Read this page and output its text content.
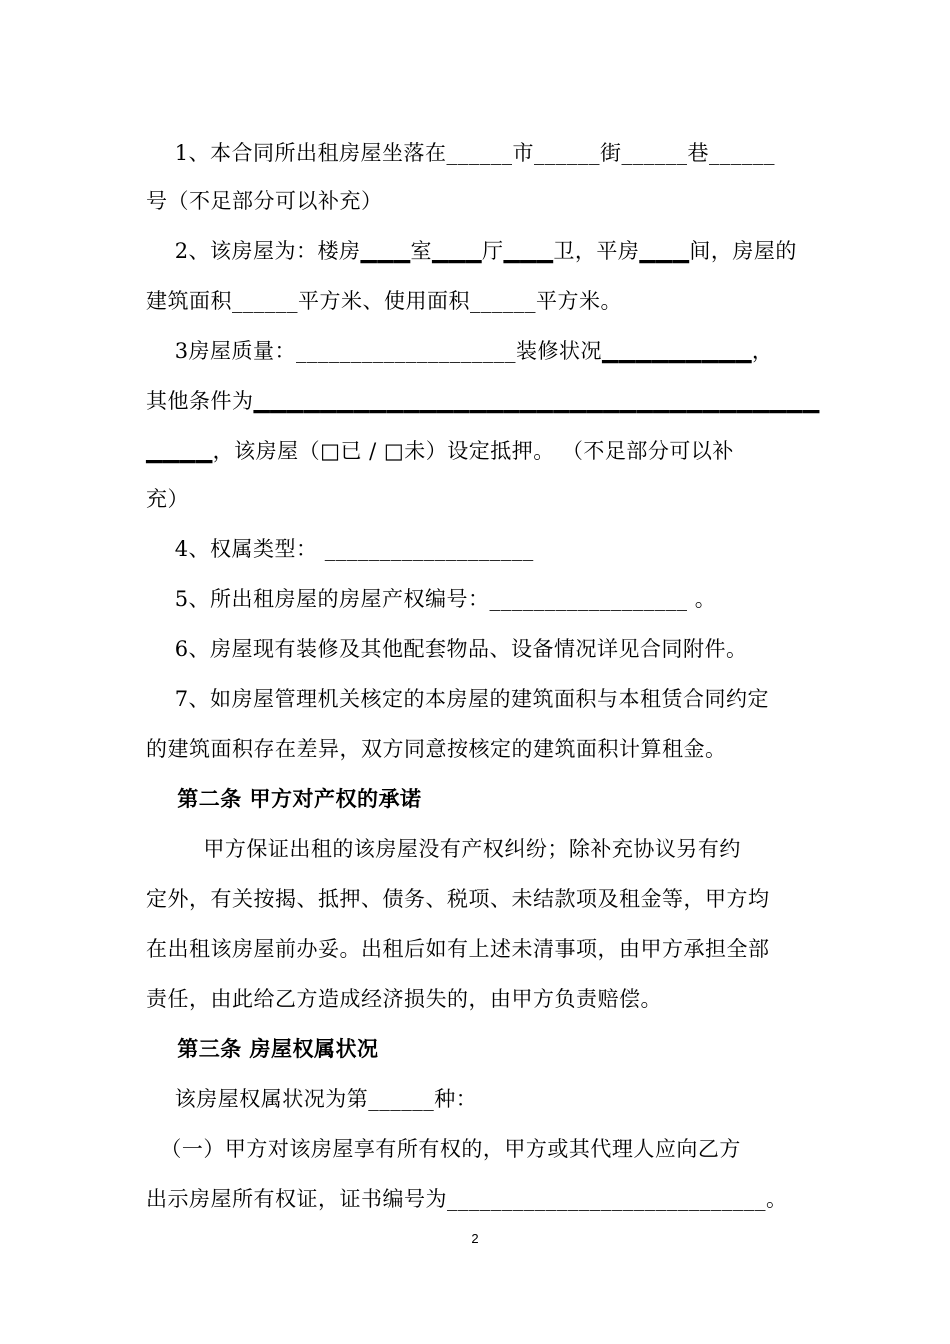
1、本合同所出租房屋坐落在______市______街______巷______
号（不足部分可以补充）
2、该房屋为：楼房▁▁▁室▁▁▁厅▁▁▁卫，平房▁▁▁间，房屋的
建筑面积______平方米、使用面积______平方米。
3房屋质量：____________________装修状况▁▁▁▁▁▁▁▁▁，
其他条件为▁▁▁▁▁▁▁▁▁▁▁▁▁▁▁▁▁▁▁▁▁▁▁▁▁▁▁▁▁▁▁▁▁▁
▁▁▁▁，该房屋（□已 / □未）设定抵押。 （不足部分可以补
充）
4、权属类型： ___________________
5、所出租房屋的房屋产权编号：__________________ 。
6、房屋现有装修及其他配套物品、设备情况详见合同附件。
7、如房屋管理机关核定的本房屋的建筑面积与本租赁合同约定
的建筑面积存在差异，双方同意按核定的建筑面积计算租金。
第二条 甲方对产权的承诺
甲方保证出租的该房屋没有产权纠纷；除补充协议另有约
定外，有关按揭、抵押、债务、税项、未结款项及租金等，甲方均
在出租该房屋前办妥。出租后如有上述未清事项，由甲方承担全部
责任，由此给乙方造成经济损失的，由甲方负责赔偿。
第三条 房屋权属状况
该房屋权属状况为第______种：
（一）甲方对该房屋享有所有权的，甲方或其代理人应向乙方
出示房屋所有权证，证书编号为_____________________________。
2
